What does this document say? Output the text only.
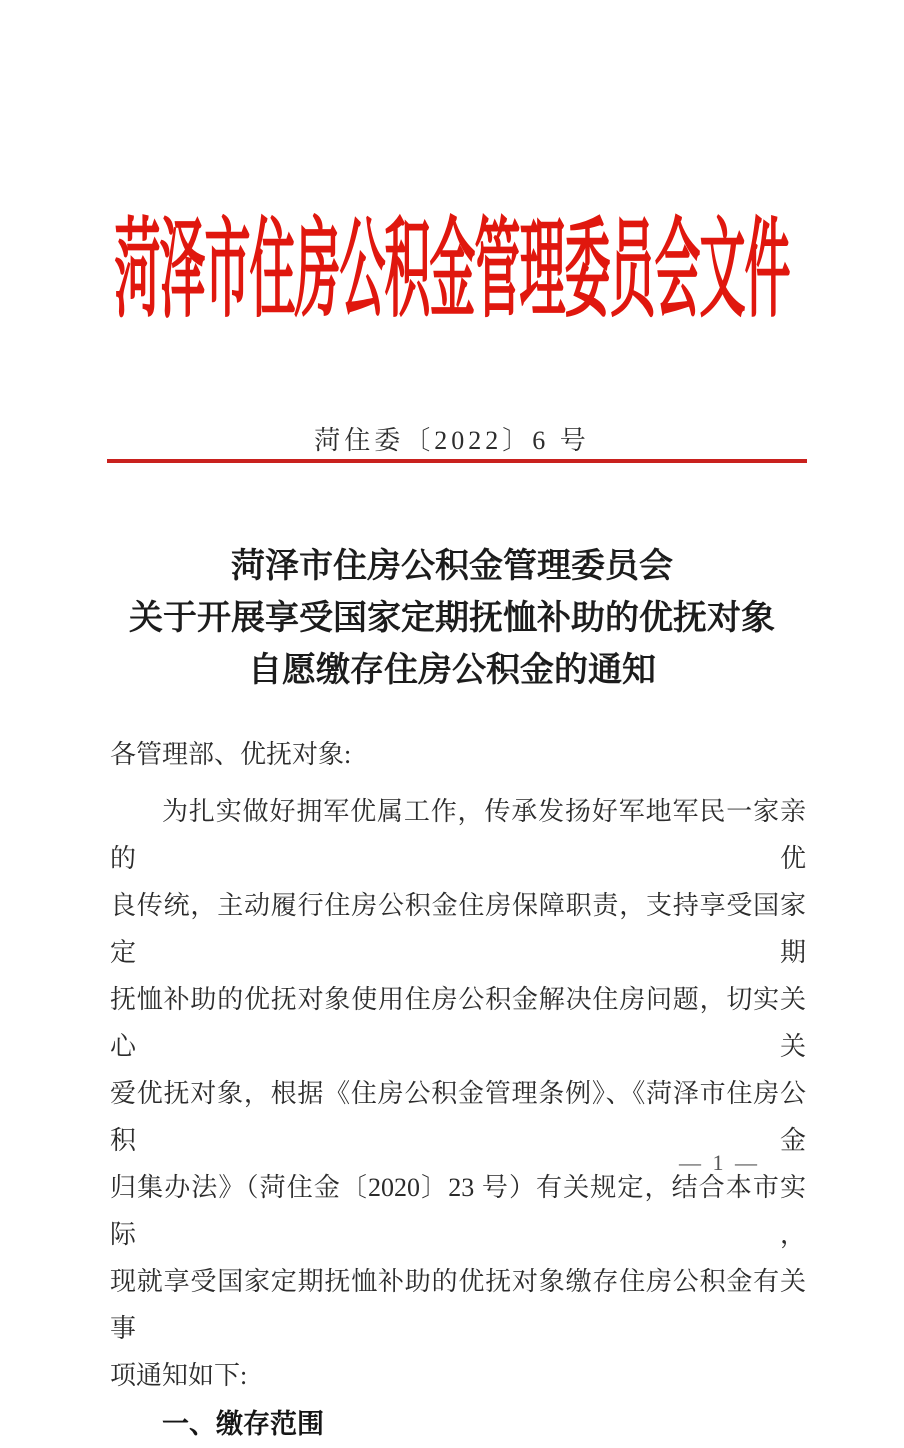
菏泽市住房公积金管理委员会文件
菏住委〔2022〕6 号
菏泽市住房公积金管理委员会
关于开展享受国家定期抚恤补助的优抚对象
自愿缴存住房公积金的通知
各管理部、优抚对象:
为扎实做好拥军优属工作，传承发扬好军地军民一家亲的优
良传统，主动履行住房公积金住房保障职责，支持享受国家定期
抚恤补助的优抚对象使用住房公积金解决住房问题，切实关心关
爱优抚对象，根据《住房公积金管理条例》、《菏泽市住房公积金
归集办法》（菏住金〔2020〕23 号）有关规定，结合本市实际，
现就享受国家定期抚恤补助的优抚对象缴存住房公积金有关事
项通知如下:
一、缴存范围
— 1 —
